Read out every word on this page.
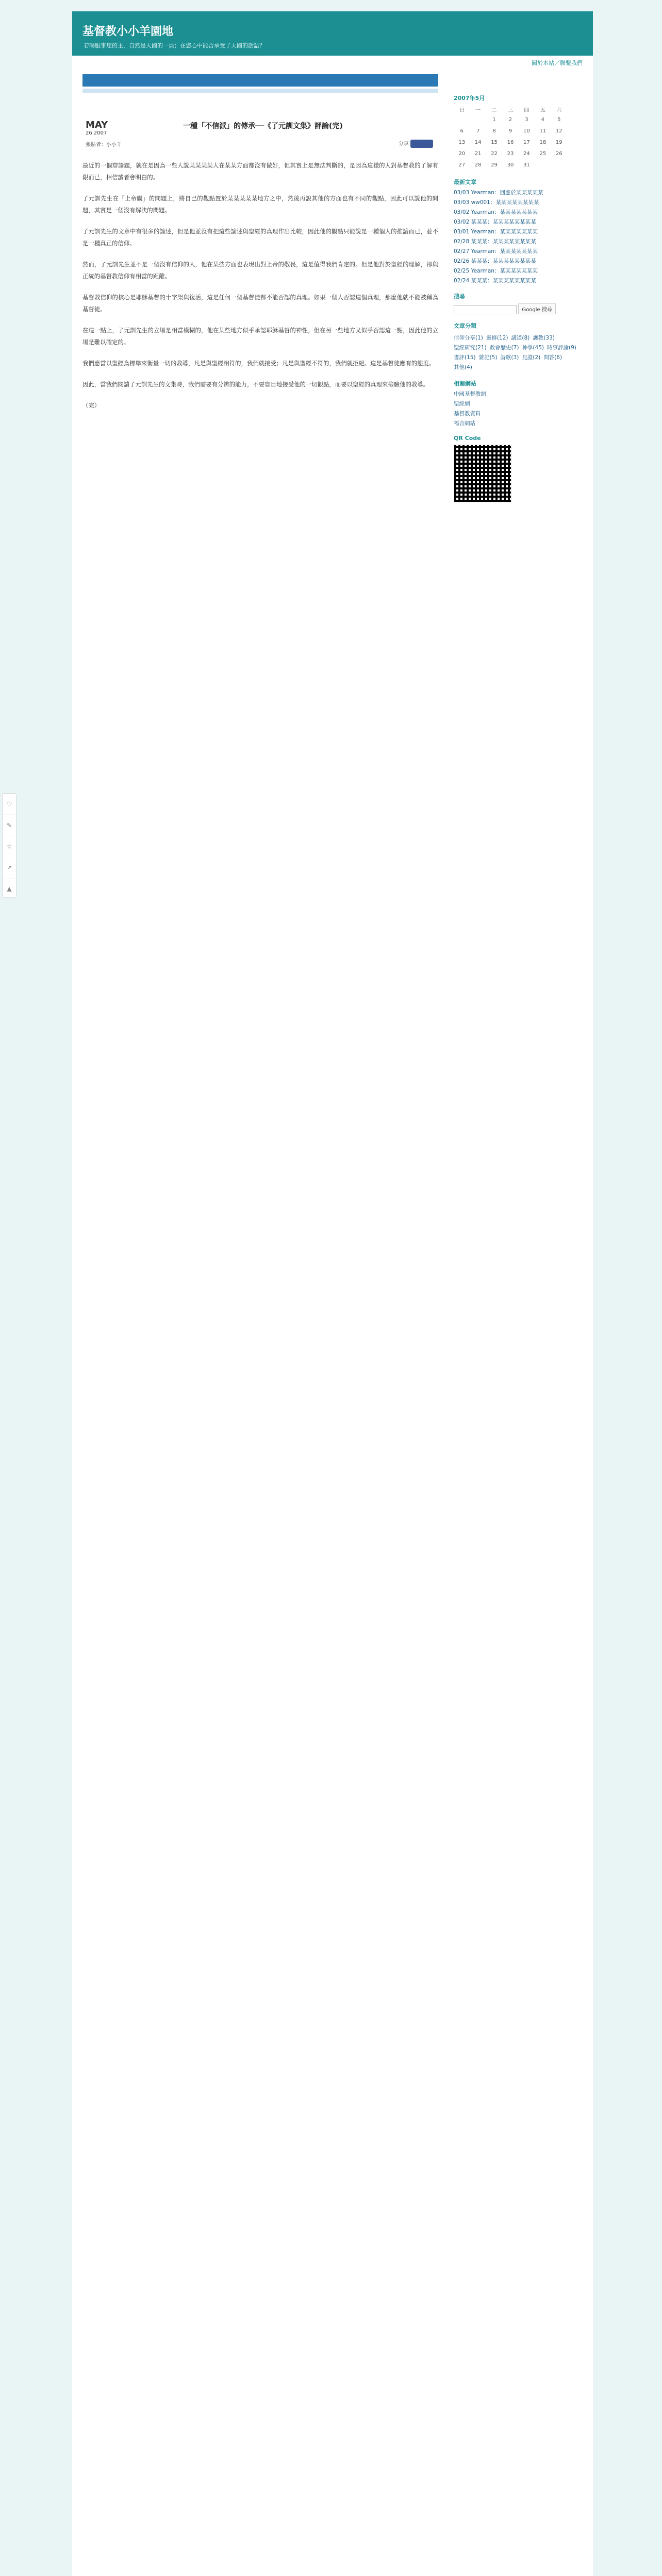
基督教小小羊園地
若喝服事您的主，自然是天國的一員；在您心中能否承受了天國的話語？
關於本站／聯繫我們
MAY
26 2007
一種「不信派」的傳承──《了元訓文集》評論(完)
張貼者：小小羊	分享

最近的一個辯論題，就在是因為一些人說某某某某人在某某方面都沒有做好，但其實上是無法判斷的，是因為這樣的人對基督教的了解有限而已，相信讀者會明白的。

了元訓先生在「上帝觀」的問題上，將自己的觀點置於某某某某某地方之中，然後再說其他的方面也有不同的觀點，因此可以說他的問題，其實是一個沒有解決的問題。

了元訓先生的文章中有很多的論述，但是他並沒有把這些論述與聖經的真理作出比較，因此他的觀點只能說是一種個人的推論而已，並不是一種真正的信仰。

然而，了元訓先生並不是一個沒有信仰的人，他在某些方面也表現出對上帝的敬畏，這是值得我們肯定的。但是他對於聖經的理解，卻與正統的基督教信仰有相當的距離。

基督教信仰的核心是耶穌基督的十字架與復活，這是任何一個基督徒都不能否認的真理。如果一個人否認這個真理，那麼他就不能被稱為基督徒。

在這一點上，了元訓先生的立場是相當模糊的，他在某些地方似乎承認耶穌基督的神性，但在另一些地方又似乎否認這一點，因此他的立場是難以確定的。

我們應當以聖經為標準來衡量一切的教導，凡是與聖經相符的，我們就接受；凡是與聖經不符的，我們就拒絕。這是基督徒應有的態度。

因此，當我們閱讀了元訓先生的文集時，我們需要有分辨的能力，不要盲目地接受他的一切觀點，而要以聖經的真理來檢驗他的教導。

（完）

2007年5月
日	一	二	三	四	五	六
		1	2	3	4	5
6	7	8	9	10	11	12
13	14	15	16	17	18	19
20	21	22	23	24	25	26
27	28	29	30	31		
最新文章
03/03 Yearman：回應於某某某某某
03/03 ww001：某某某某某某某某
03/02 Yearman：某某某某某某某
03/02 某某某：某某某某某某某某
03/01 Yearman：某某某某某某某
02/28 某某某：某某某某某某某某
02/27 Yearman：某某某某某某某
02/26 某某某：某某某某某某某某
02/25 Yearman：某某某某某某某
02/24 某某某：某某某某某某某某
搜尋
Google 搜尋
文章分類
信仰分享(1) 靈修(12) 講道(8) 護教(33)聖經研究(21) 教會歷史(7) 神學(45) 時事評論(9)書評(15) 雜記(5) 詩歌(3) 見證(2) 問答(6)其他(4)
相關網站
中國基督教網
聖經網
基督教資料
福音網站
QR Code
♡
✎
☆
↗
▲
